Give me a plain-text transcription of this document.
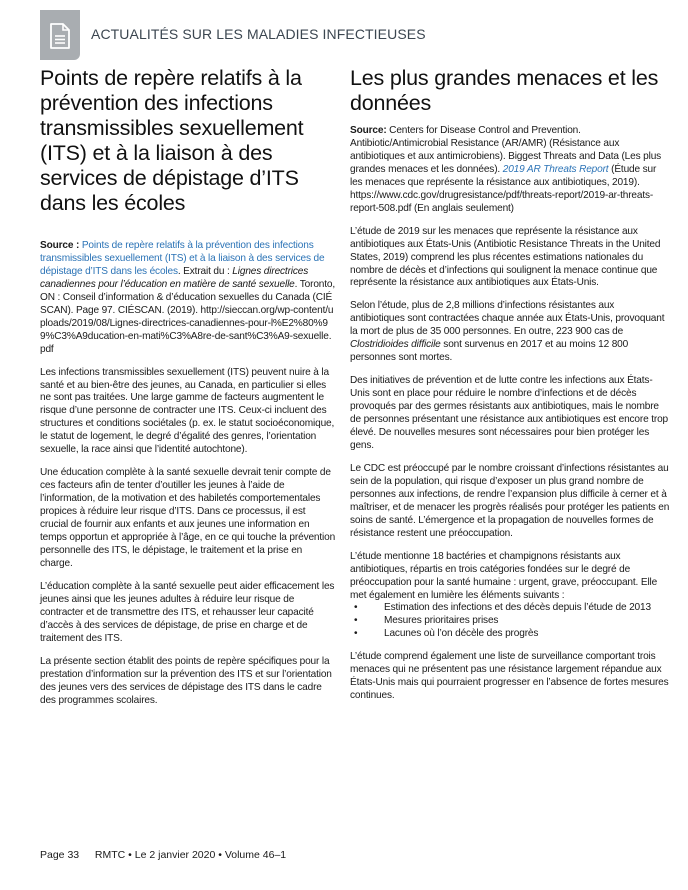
ACTUALITÉS SUR LES MALADIES INFECTIEUSES
Points de repère relatifs à la prévention des infections transmissibles sexuellement (ITS) et à la liaison à des services de dépistage d’ITS dans les écoles

Source : Points de repère relatifs à la prévention des infections transmissibles sexuellement (ITS) et à la liaison à des services de dépistage d’ITS dans les écoles. Extrait du : Lignes directrices canadiennes pour l’éducation en matière de santé sexuelle. Toronto, ON : Conseil d’information & d’éducation sexuelles du Canada (CIÉSCAN). Page 97. CIÉSCAN. (2019). http://sieccan.org/wp-content/uploads/2019/08/Lignes-directrices-canadiennes-pour-l%E2%80%99%C3%A9ducation-en-mati%C3%A8re-de-sant%C3%A9-sexuelle.pdf

Les infections transmissibles sexuellement (ITS) peuvent nuire à la santé et au bien-être des jeunes, au Canada, en particulier si elles ne sont pas traitées. Une large gamme de facteurs augmentent le risque d’une personne de contracter une ITS. Ceux-ci incluent des structures et conditions sociétales (p. ex. le statut socioéconomique, le statut de logement, le degré d’égalité des genres, l’orientation sexuelle, la race ainsi que l’identité autochtone).

Une éducation complète à la santé sexuelle devrait tenir compte de ces facteurs afin de tenter d’outiller les jeunes à l’aide de l’information, de la motivation et des habiletés comportementales propices à réduire leur risque d’ITS. Dans ce processus, il est crucial de fournir aux enfants et aux jeunes une information en temps opportun et appropriée à l’âge, en ce qui touche la prévention personnelle des ITS, le dépistage, le traitement et la prise en charge.

L’éducation complète à la santé sexuelle peut aider efficacement les jeunes ainsi que les jeunes adultes à réduire leur risque de contracter et de transmettre des ITS, et rehausser leur capacité d’accès à des services de dépistage, de prise en charge et de traitement des ITS.

La présente section établit des points de repère spécifiques pour la prestation d’information sur la prévention des ITS et sur l’orientation des jeunes vers des services de dépistage des ITS dans le cadre des programmes scolaires.

Les plus grandes menaces et les données

Source: Centers for Disease Control and Prevention. Antibiotic/Antimicrobial Resistance (AR/AMR) (Résistance aux antibiotiques et aux antimicrobiens). Biggest Threats and Data (Les plus grandes menaces et les données). 2019 AR Threats Report (Étude sur les menaces que représente la résistance aux antibiotiques, 2019). https://www.cdc.gov/drugresistance/pdf/threats-report/2019-ar-threats-report-508.pdf (En anglais seulement)

L’étude de 2019 sur les menaces que représente la résistance aux antibiotiques aux États-Unis (Antibiotic Resistance Threats in the United States, 2019) comprend les plus récentes estimations nationales du nombre de décès et d’infections qui soulignent la menace continue que représente la résistance aux antibiotiques aux États-Unis.

Selon l’étude, plus de 2,8 millions d’infections résistantes aux antibiotiques sont contractées chaque année aux États-Unis, provoquant la mort de plus de 35 000 personnes. En outre, 223 900 cas de Clostridioides difficile sont survenus en 2017 et au moins 12 800 personnes sont mortes.

Des initiatives de prévention et de lutte contre les infections aux États-Unis sont en place pour réduire le nombre d’infections et de décès provoqués par des germes résistants aux antibiotiques, mais le nombre de personnes présentant une résistance aux antibiotiques est encore trop élevé. De nouvelles mesures sont nécessaires pour bien protéger les gens.

Le CDC est préoccupé par le nombre croissant d’infections résistantes au sein de la population, qui risque d’exposer un plus grand nombre de personnes aux infections, de rendre l’expansion plus difficile à cerner et à maîtriser, et de menacer les progrès réalisés pour protéger les patients en soins de santé. L’émergence et la propagation de nouvelles formes de résistance restent une préoccupation.

L’étude mentionne 18 bactéries et champignons résistants aux antibiotiques, répartis en trois catégories fondées sur le degré de préoccupation pour la santé humaine : urgent, grave, préoccupant. Elle met également en lumière les éléments suivants :

• Estimation des infections et des décès depuis l’étude de 2013
• Mesures prioritaires prises
• Lacunes où l’on décèle des progrès

L’étude comprend également une liste de surveillance comportant trois menaces qui ne présentent pas une résistance largement répandue aux États-Unis mais qui pourraient progresser en l’absence de fortes mesures continues.

Page 33 RMTC • Le 2 janvier 2020 • Volume 46–1
